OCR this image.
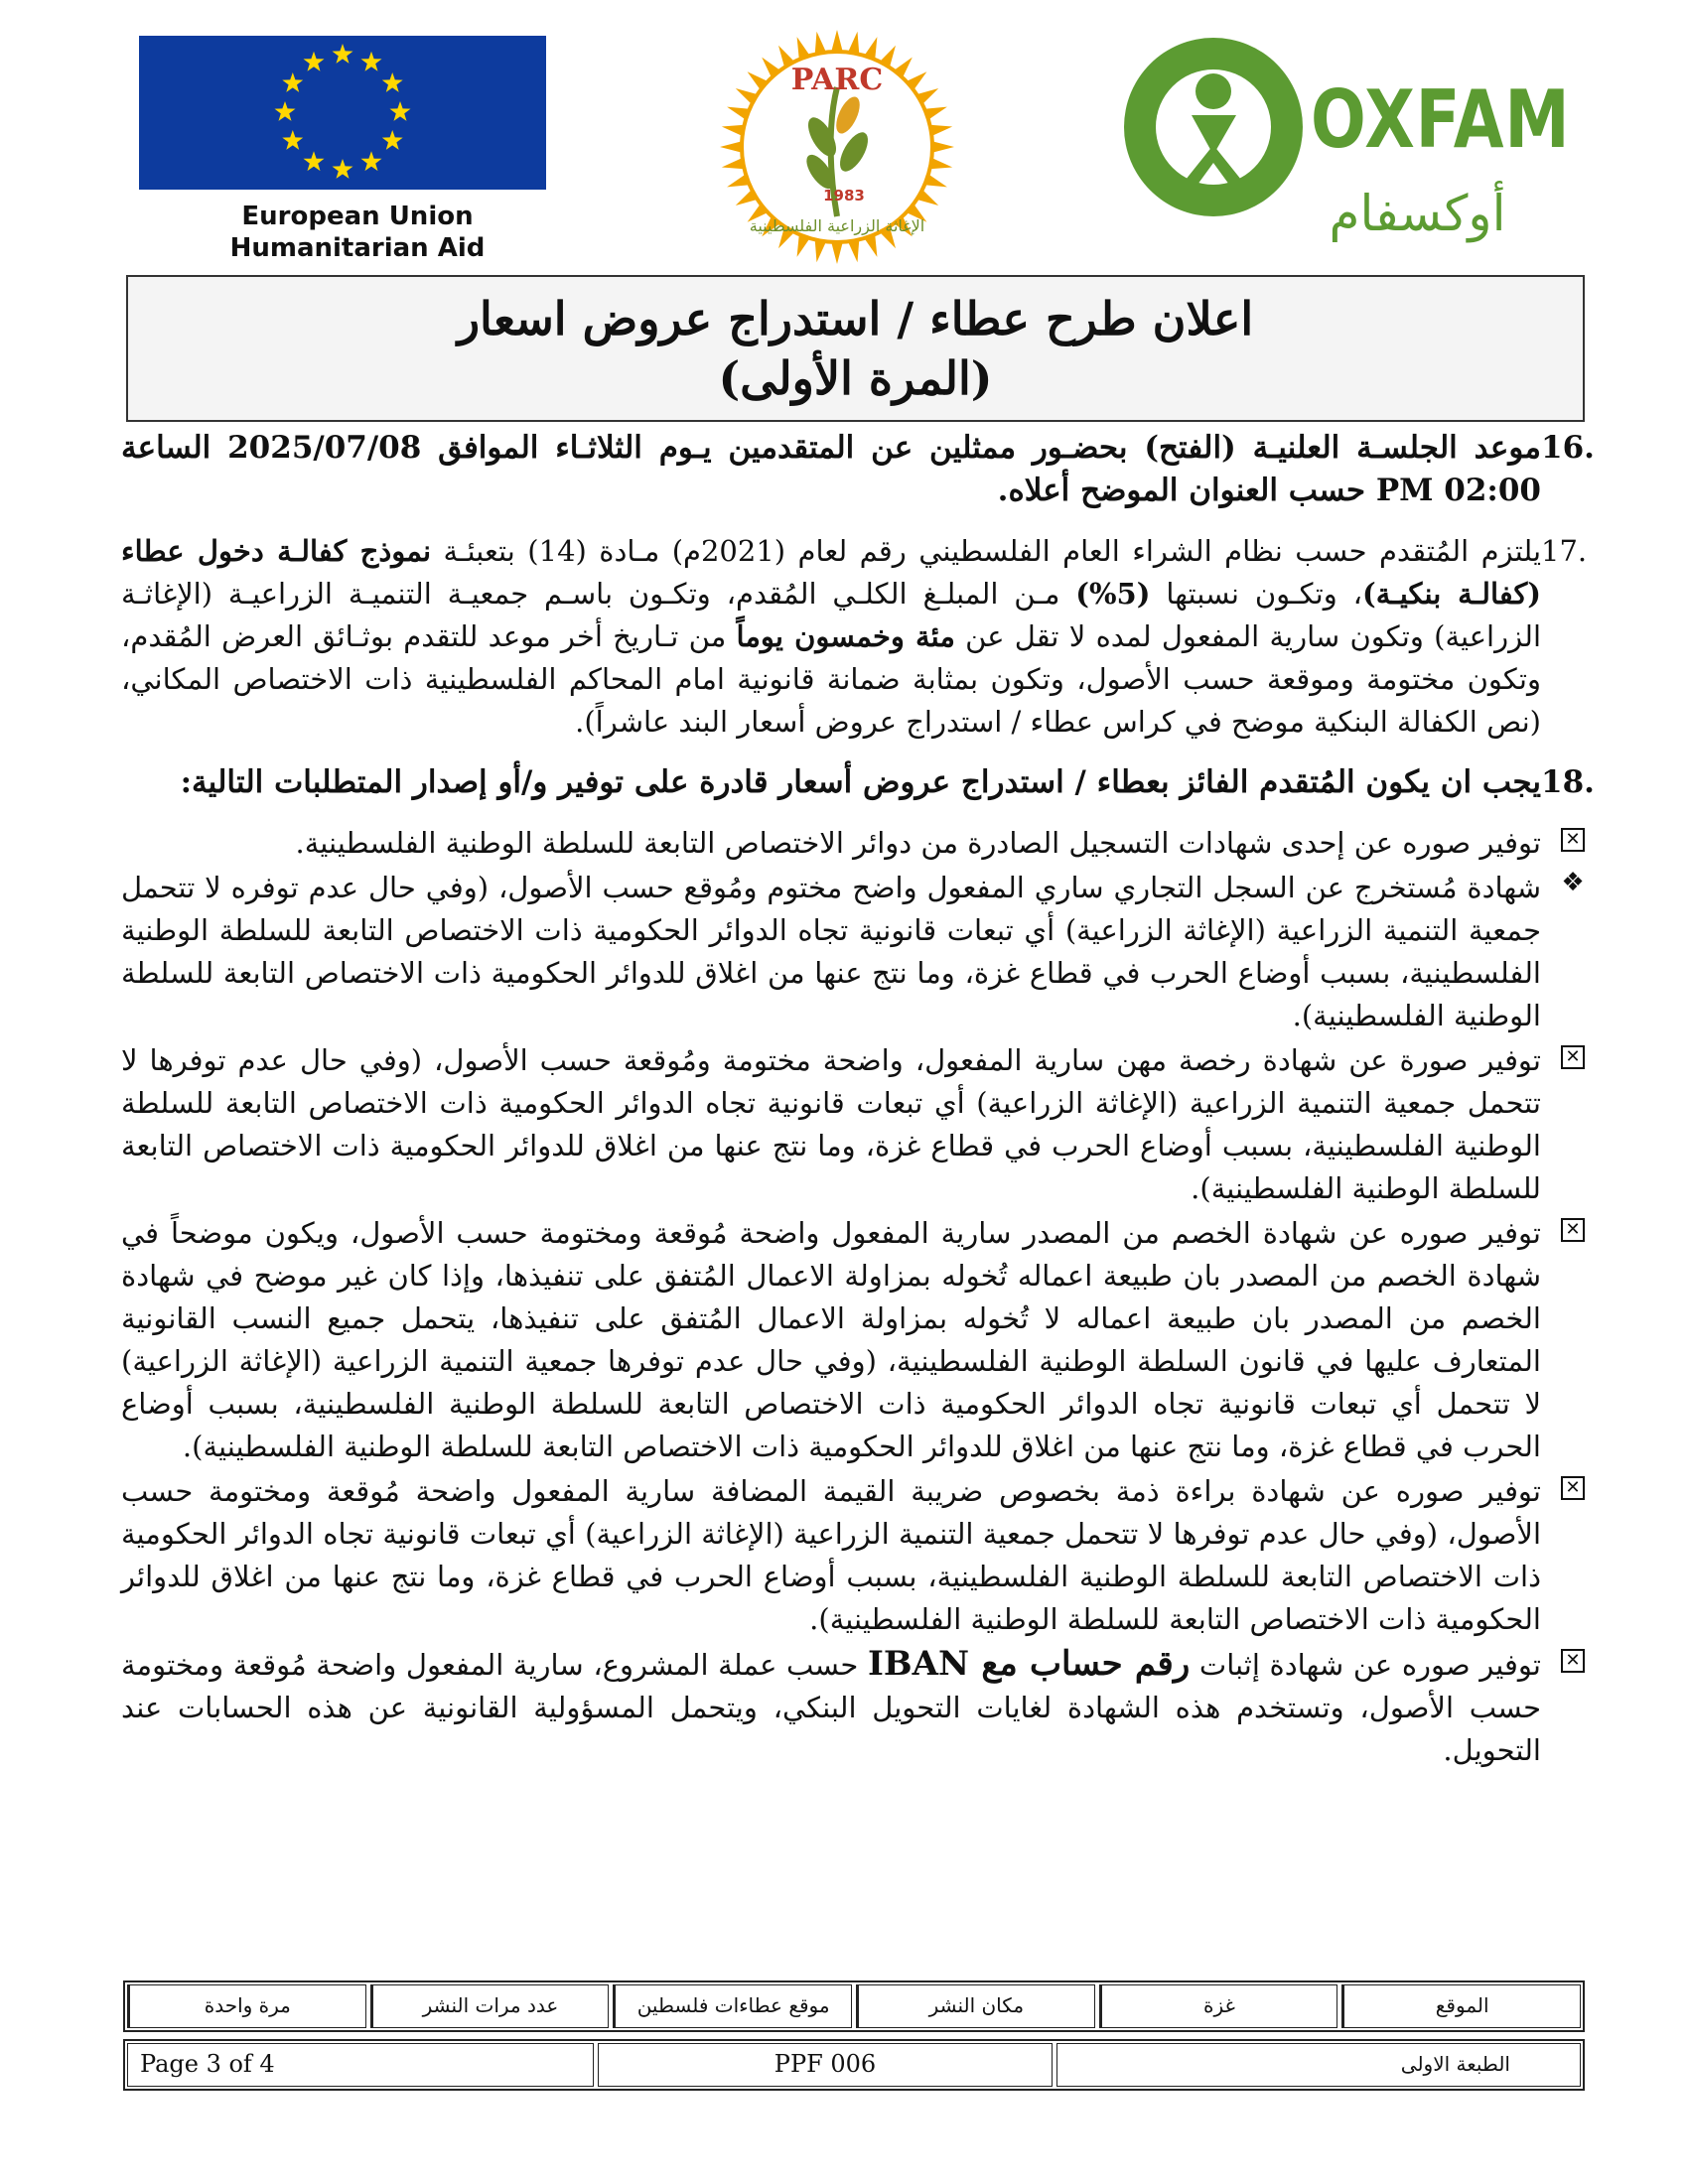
European Union
Humanitarian Aid
PARC
1983
الإغاثة الزراعية الفلسطينية
OXFAM
أوكسفام
اعلان طرح عطاء / استدراج عروض اسعار
(المرة الأولى)
16.
موعد الجلسـة العلنيـة (الفتح) بحضـور ممثلين عن المتقدمين يـوم الثلاثـاء الموافق 2025/07/08 الساعة 02:00 PM حسب العنوان الموضح أعلاه.
17.
يلتزم المُتقدم حسب نظام الشراء العام الفلسطيني رقم لعام (2021م) مـادة (14) بتعبئـة نموذج كفالـة دخول عطاء (كفالـة بنكيـة)، وتكـون نسبتها (5%) مـن المبلـغ الكلـي المُقدم، وتكـون باسـم جمعيـة التنميـة الزراعيـة (الإغاثـة الزراعية) وتكون سارية المفعول لمده لا تقل عن مئة وخمسون يوماً من تـاريخ أخر موعد للتقدم بوثـائق العرض المُقدم، وتكون مختومة وموقعة حسب الأصول، وتكون بمثابة ضمانة قانونية امام المحاكم الفلسطينية ذات الاختصاص المكاني، (نص الكفالة البنكية موضح في كراس عطاء / استدراج عروض أسعار البند عاشراً).
18.
يجب ان يكون المُتقدم الفائز بعطاء / استدراج عروض أسعار قادرة على توفير و/أو إصدار المتطلبات التالية:
✕
توفير صوره عن إحدى شهادات التسجيل الصادرة من دوائر الاختصاص التابعة للسلطة الوطنية الفلسطينية.
❖
شهادة مُستخرج عن السجل التجاري ساري المفعول واضح مختوم ومُوقع حسب الأصول، (وفي حال عدم توفره لا تتحمل جمعية التنمية الزراعية (الإغاثة الزراعية) أي تبعات قانونية تجاه الدوائر الحكومية ذات الاختصاص التابعة للسلطة الوطنية الفلسطينية، بسبب أوضاع الحرب في قطاع غزة، وما نتج عنها من اغلاق للدوائر الحكومية ذات الاختصاص التابعة للسلطة الوطنية الفلسطينية).
✕
توفير صورة عن شهادة رخصة مهن سارية المفعول، واضحة مختومة ومُوقعة حسب الأصول، (وفي حال عدم توفرها لا تتحمل جمعية التنمية الزراعية (الإغاثة الزراعية) أي تبعات قانونية تجاه الدوائر الحكومية ذات الاختصاص التابعة للسلطة الوطنية الفلسطينية، بسبب أوضاع الحرب في قطاع غزة، وما نتج عنها من اغلاق للدوائر الحكومية ذات الاختصاص التابعة للسلطة الوطنية الفلسطينية).
✕
توفير صوره عن شهادة الخصم من المصدر سارية المفعول واضحة مُوقعة ومختومة حسب الأصول، ويكون موضحاً في شهادة الخصم من المصدر بان طبيعة اعماله تُخوله بمزاولة الاعمال المُتفق على تنفيذها، وإذا كان غير موضح في شهادة الخصم من المصدر بان طبيعة اعماله لا تُخوله بمزاولة الاعمال المُتفق على تنفيذها، يتحمل جميع النسب القانونية المتعارف عليها في قانون السلطة الوطنية الفلسطينية، (وفي حال عدم توفرها جمعية التنمية الزراعية (الإغاثة الزراعية) لا تتحمل أي تبعات قانونية تجاه الدوائر الحكومية ذات الاختصاص التابعة للسلطة الوطنية الفلسطينية، بسبب أوضاع الحرب في قطاع غزة، وما نتج عنها من اغلاق للدوائر الحكومية ذات الاختصاص التابعة للسلطة الوطنية الفلسطينية).
✕
توفير صوره عن شهادة براءة ذمة بخصوص ضريبة القيمة المضافة سارية المفعول واضحة مُوقعة ومختومة حسب الأصول، (وفي حال عدم توفرها لا تتحمل جمعية التنمية الزراعية (الإغاثة الزراعية) أي تبعات قانونية تجاه الدوائر الحكومية ذات الاختصاص التابعة للسلطة الوطنية الفلسطينية، بسبب أوضاع الحرب في قطاع غزة، وما نتج عنها من اغلاق للدوائر الحكومية ذات الاختصاص التابعة للسلطة الوطنية الفلسطينية).
✕
توفير صوره عن شهادة إثبات رقم حساب مع IBAN حسب عملة المشروع، سارية المفعول واضحة مُوقعة ومختومة حسب الأصول، وتستخدم هذه الشهادة لغايات التحويل البنكي، ويتحمل المسؤولية القانونية عن هذه الحسابات عند التحويل.
الموقع
غزة
مكان النشر
موقع عطاءات فلسطين
عدد مرات النشر
مرة واحدة
Page 3 of 4	PPF 006	الطبعة الاولى
